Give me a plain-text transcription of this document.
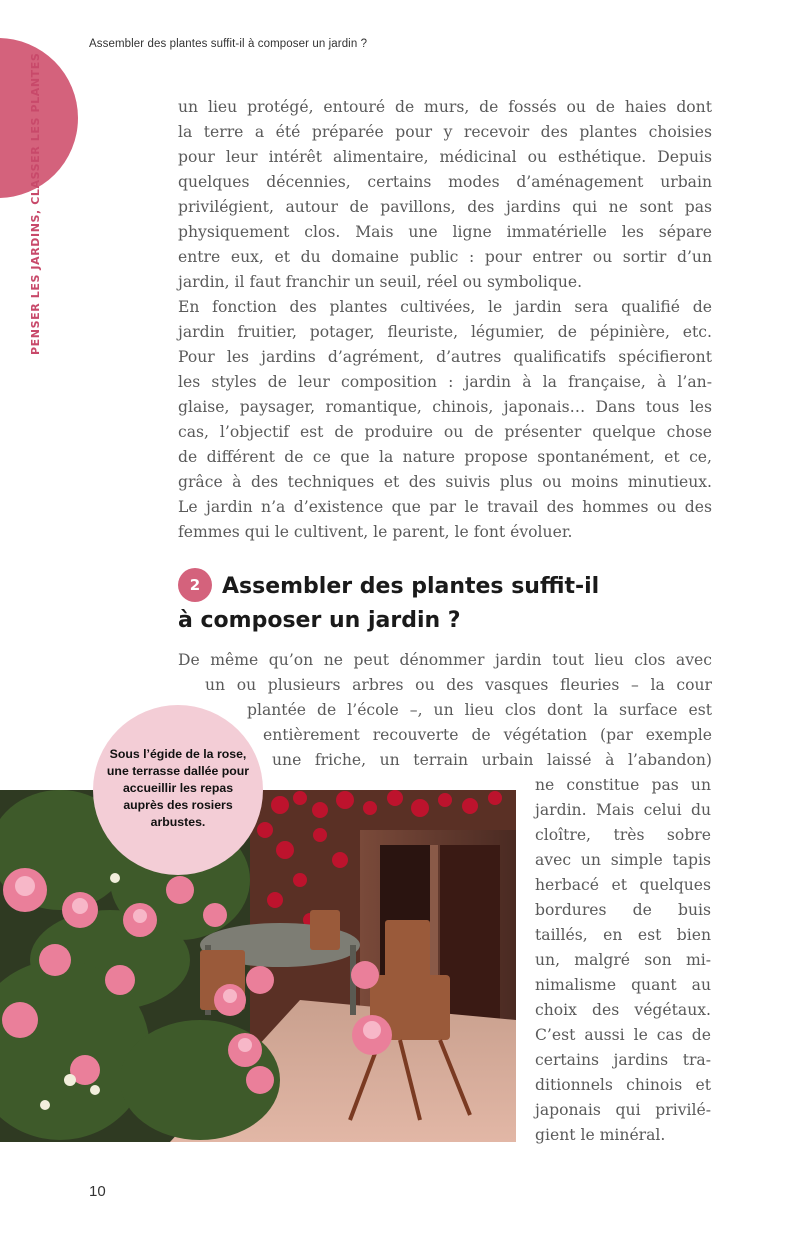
Assembler des plantes suffit-il à composer un jardin ?
PENSER LES JARDINS, CLASSER LES PLANTES	un lieu protégé, entouré de murs, de fossés ou de haies dont
la terre a été préparée pour y recevoir des plantes choisies
pour leur intérêt alimentaire, médicinal ou esthétique. Depuis
quelques décennies, certains modes d’aménagement urbain
privilégient, autour de pavillons, des jardins qui ne sont pas
physiquement clos. Mais une ligne immatérielle les sépare
entre eux, et du domaine public : pour entrer ou sortir d’un
jardin, il faut franchir un seuil, réel ou symbolique.
En fonction des plantes cultivées, le jardin sera qualifié de
jardin fruitier, potager, fleuriste, légumier, de pépinière, etc.
Pour les jardins d’agrément, d’autres qualificatifs spécifieront
les styles de leur composition : jardin à la française, à l’an-
glaise, paysager, romantique, chinois, japonais… Dans tous les
cas, l’objectif est de produire ou de présenter quelque chose
de différent de ce que la nature propose spontanément, et ce,
grâce à des techniques et des suivis plus ou moins minutieux.
Le jardin n’a d’existence que par le travail des hommes ou des
femmes qui le cultivent, le parent, le font évoluer.
2 Assembler des plantes suffit-il
à composer un jardin ?
De même qu’on ne peut dénommer jardin tout lieu clos avec
un ou plusieurs arbres ou des vasques fleuries – la cour
plantée de l’école –, un lieu clos dont la surface est
entièrement recouverte de végétation (par exemple
une friche, un terrain urbain laissé à l’abandon)
Sous l’égide de la rose, une terrasse dallée pour accueillir les repas auprès des rosiers arbustes.
ne constitue pas un
jardin. Mais celui du
cloître, très sobre
avec un simple tapis
herbacé et quelques
bordures de buis
taillés, en est bien
un, malgré son mi-
nimalisme quant au
choix des végétaux.
C’est aussi le cas de
certains jardins tra-
ditionnels chinois et
japonais qui privilé-
gient le minéral.
10
